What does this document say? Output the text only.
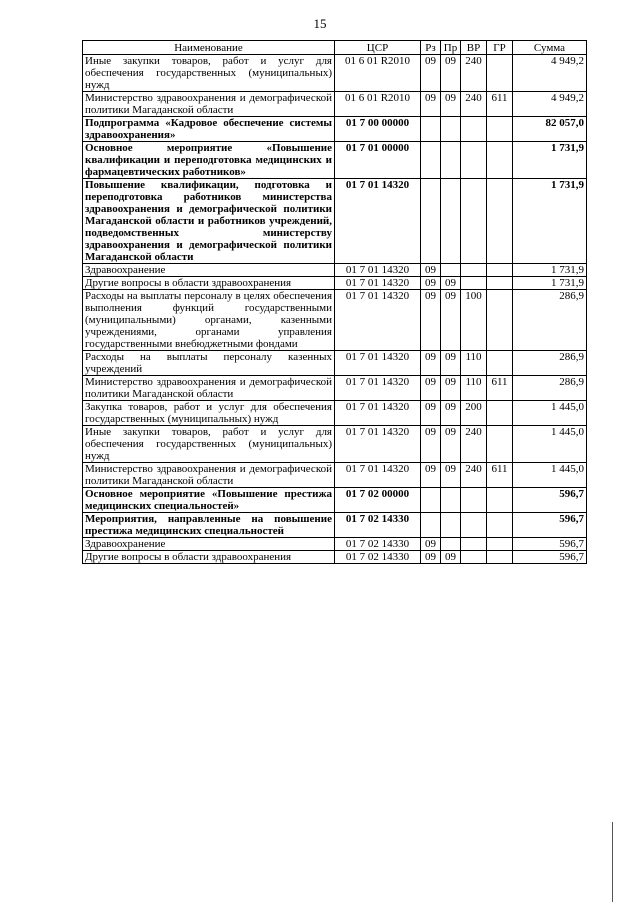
15
Наименование	ЦСР	Рз	Пр	ВР	ГР	Сумма
Иные закупки товаров, работ и услуг для обеспечения государственных (муниципальных) нужд	01 6 01 R2010	09	09	240		4 949,2
Министерство здравоохранения и демографической политики Магаданской области	01 6 01 R2010	09	09	240	611	4 949,2
Подпрограмма «Кадровое обеспечение системы здравоохранения»	01 7 00 00000					82 057,0
Основное мероприятие «Повышение квалификации и переподготовка медицинских и фармацевтических работников»	01 7 01 00000					1 731,9
Повышение квалификации, подготовка и переподготовка работников министерства здравоохранения и демографической политики Магаданской области и работников учреждений, подведомственных министерству здравоохранения и демографической политики Магаданской области	01 7 01 14320					1 731,9
Здравоохранение	01 7 01 14320	09				1 731,9
Другие вопросы в области здравоохранения	01 7 01 14320	09	09			1 731,9
Расходы на выплаты персоналу в целях обеспечения выполнения функций государственными (муниципальными) органами, казенными учреждениями, органами управления государственными внебюджетными фондами	01 7 01 14320	09	09	100		286,9
Расходы на выплаты персоналу казенных учреждений	01 7 01 14320	09	09	110		286,9
Министерство здравоохранения и демографической политики Магаданской области	01 7 01 14320	09	09	110	611	286,9
Закупка товаров, работ и услуг для обеспечения государственных (муниципальных) нужд	01 7 01 14320	09	09	200		1 445,0
Иные закупки товаров, работ и услуг для обеспечения государственных (муниципальных) нужд	01 7 01 14320	09	09	240		1 445,0
Министерство здравоохранения и демографической политики Магаданской области	01 7 01 14320	09	09	240	611	1 445,0
Основное мероприятие «Повышение престижа медицинских специальностей»	01 7 02 00000					596,7
Мероприятия, направленные на повышение престижа медицинских специальностей	01 7 02 14330					596,7
Здравоохранение	01 7 02 14330	09				596,7
Другие вопросы в области здравоохранения	01 7 02 14330	09	09			596,7
